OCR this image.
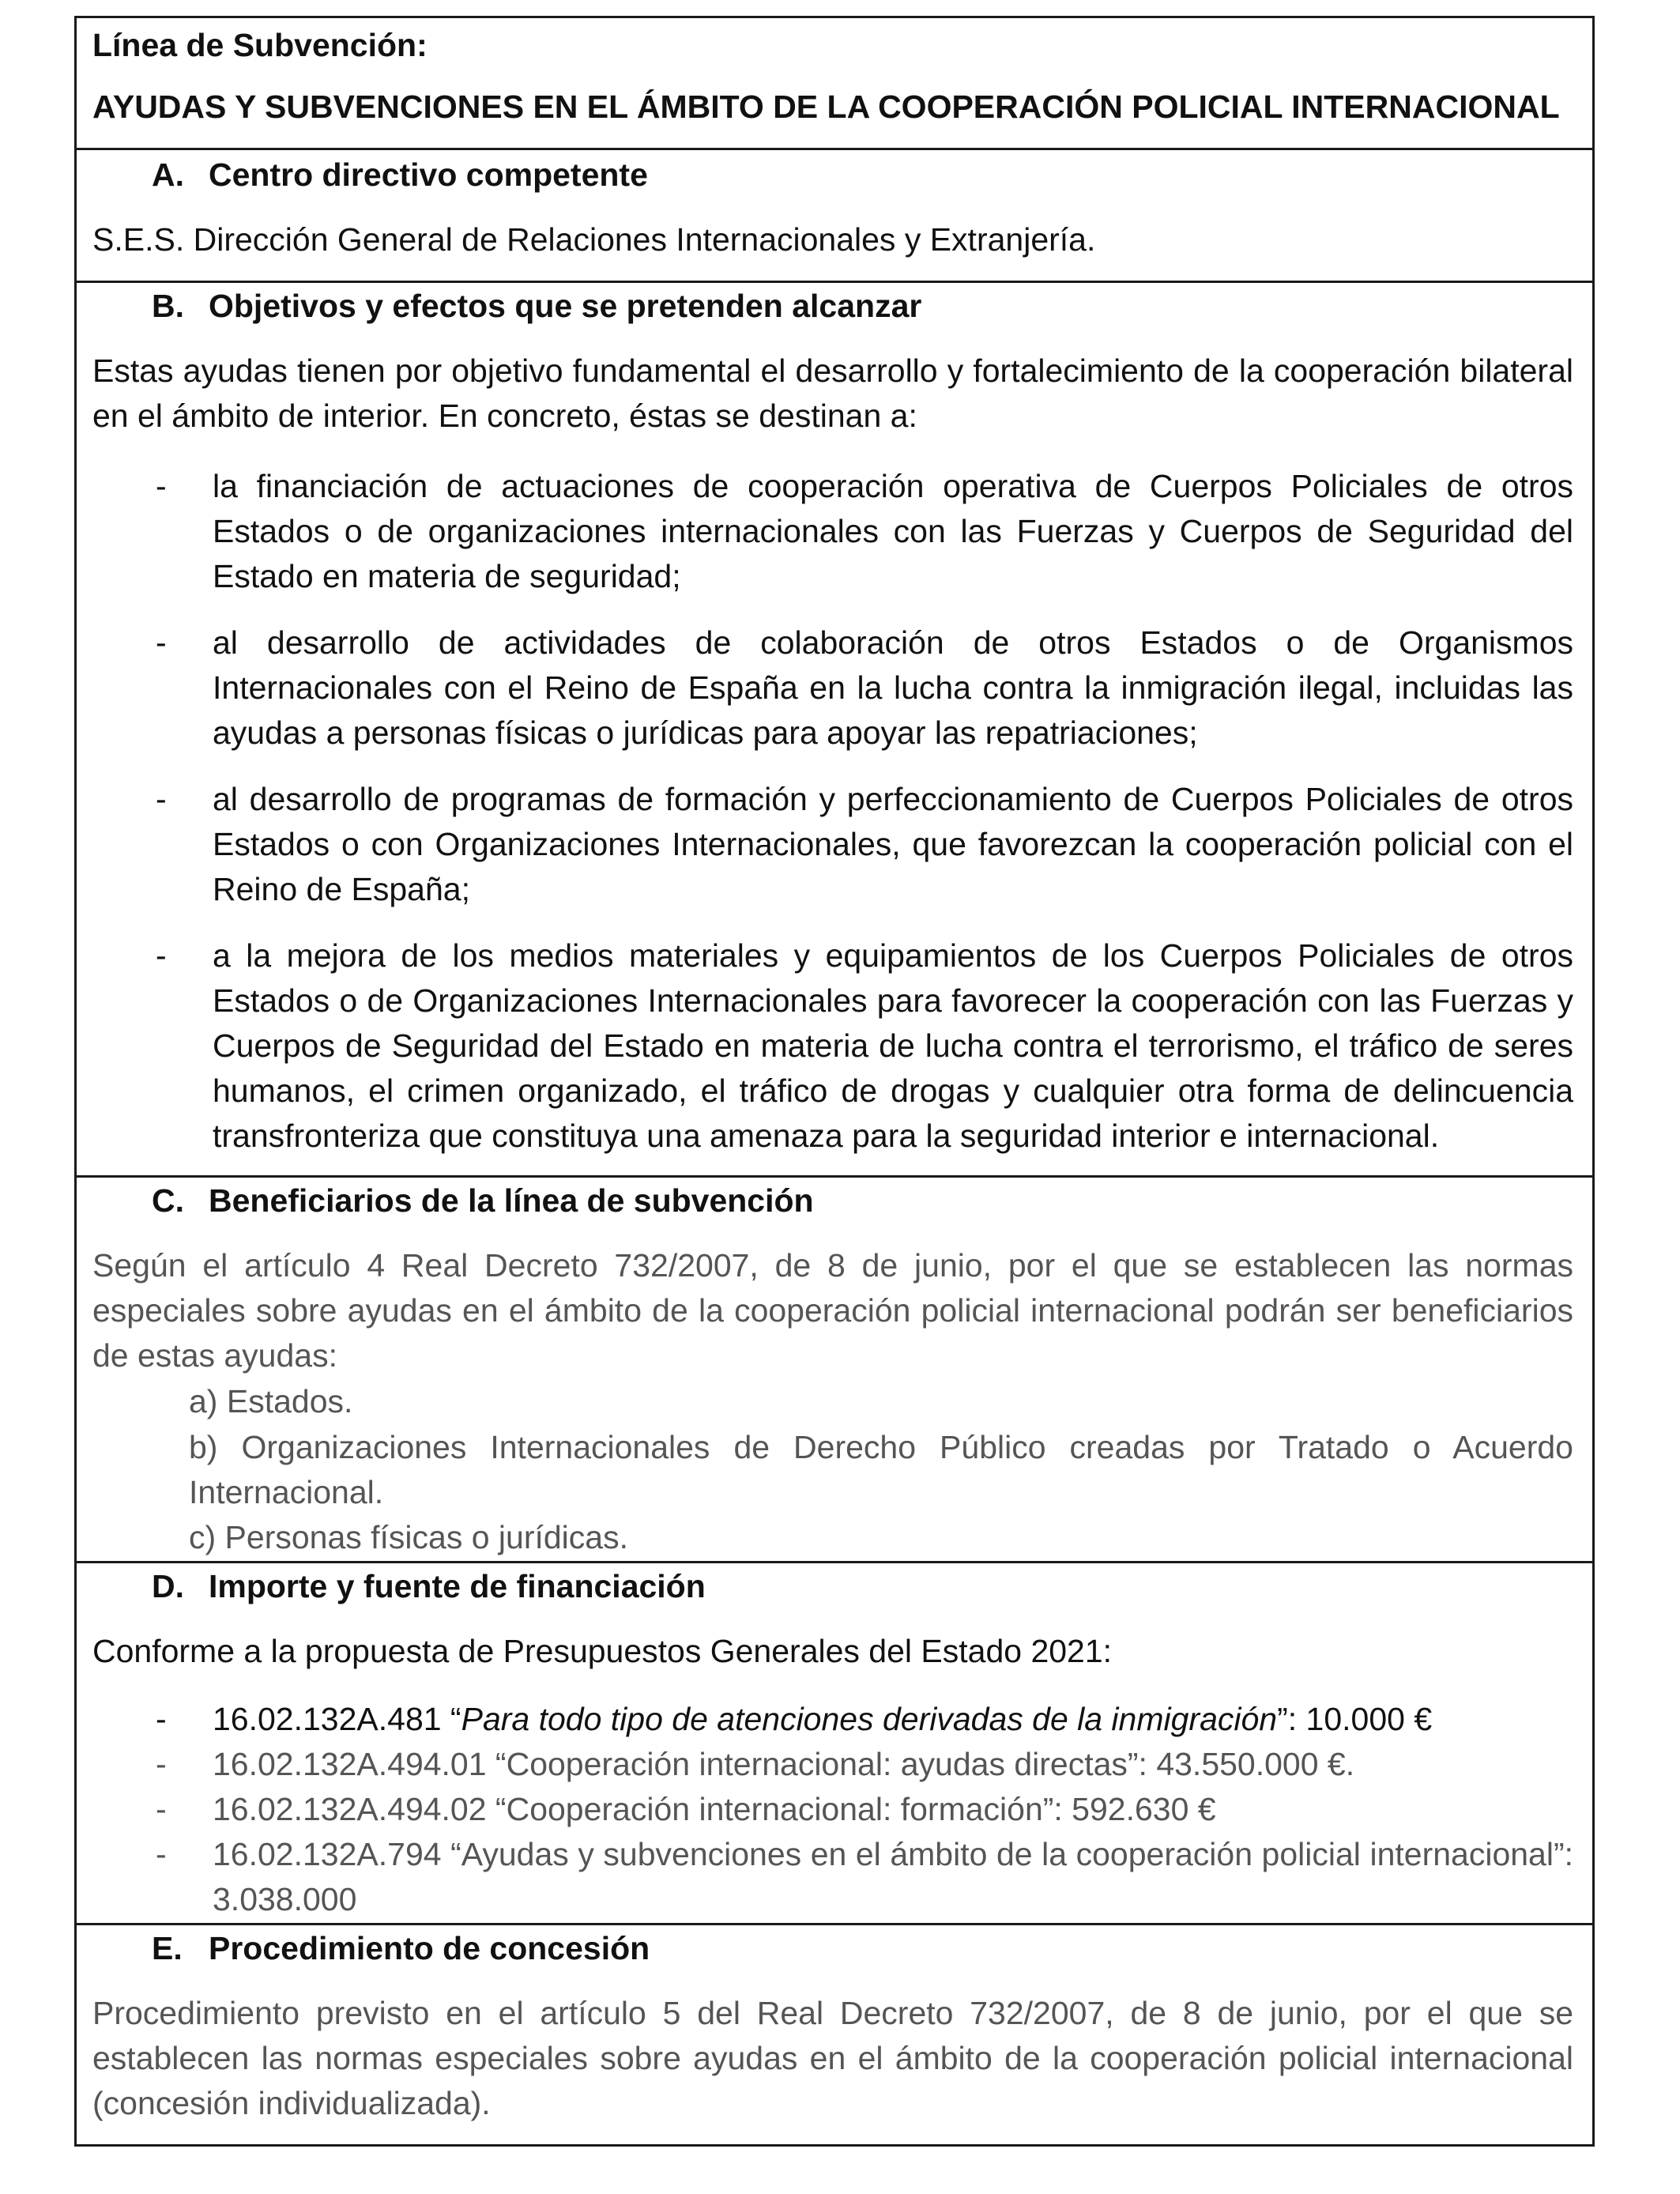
Línea de Subvención:
AYUDAS Y SUBVENCIONES EN EL ÁMBITO DE LA COOPERACIÓN POLICIAL INTERNACIONAL
A. Centro directivo competente
S.E.S. Dirección General de Relaciones Internacionales y Extranjería.
B. Objetivos y efectos que se pretenden alcanzar
Estas ayudas tienen por objetivo fundamental el desarrollo y fortalecimiento de la cooperación bilateral en el ámbito de interior. En concreto, éstas se destinan a:
- la financiación de actuaciones de cooperación operativa de Cuerpos Policiales de otros Estados o de organizaciones internacionales con las Fuerzas y Cuerpos de Seguridad del Estado en materia de seguridad;
- al desarrollo de actividades de colaboración de otros Estados o de Organismos Internacionales con el Reino de España en la lucha contra la inmigración ilegal, incluidas las ayudas a personas físicas o jurídicas para apoyar las repatriaciones;
- al desarrollo de programas de formación y perfeccionamiento de Cuerpos Policiales de otros Estados o con Organizaciones Internacionales, que favorezcan la cooperación policial con el Reino de España;
- a la mejora de los medios materiales y equipamientos de los Cuerpos Policiales de otros Estados o de Organizaciones Internacionales para favorecer la cooperación con las Fuerzas y Cuerpos de Seguridad del Estado en materia de lucha contra el terrorismo, el tráfico de seres humanos, el crimen organizado, el tráfico de drogas y cualquier otra forma de delincuencia transfronteriza que constituya una amenaza para la seguridad interior e internacional.
C. Beneficiarios de la línea de subvención
Según el artículo 4 Real Decreto 732/2007, de 8 de junio, por el que se establecen las normas especiales sobre ayudas en el ámbito de la cooperación policial internacional podrán ser beneficiarios de estas ayudas:
a) Estados.
b) Organizaciones Internacionales de Derecho Público creadas por Tratado o Acuerdo Internacional.
c) Personas físicas o jurídicas.
D. Importe y fuente de financiación
Conforme a la propuesta de Presupuestos Generales del Estado 2021:
- 16.02.132A.481 “Para todo tipo de atenciones derivadas de la inmigración”: 10.000 €
- 16.02.132A.494.01 “Cooperación internacional: ayudas directas”: 43.550.000 €.
- 16.02.132A.494.02 “Cooperación internacional: formación”: 592.630 €
- 16.02.132A.794 “Ayudas y subvenciones en el ámbito de la cooperación policial internacional”: 3.038.000
E. Procedimiento de concesión
Procedimiento previsto en el artículo 5 del Real Decreto 732/2007, de 8 de junio, por el que se establecen las normas especiales sobre ayudas en el ámbito de la cooperación policial internacional (concesión individualizada).
